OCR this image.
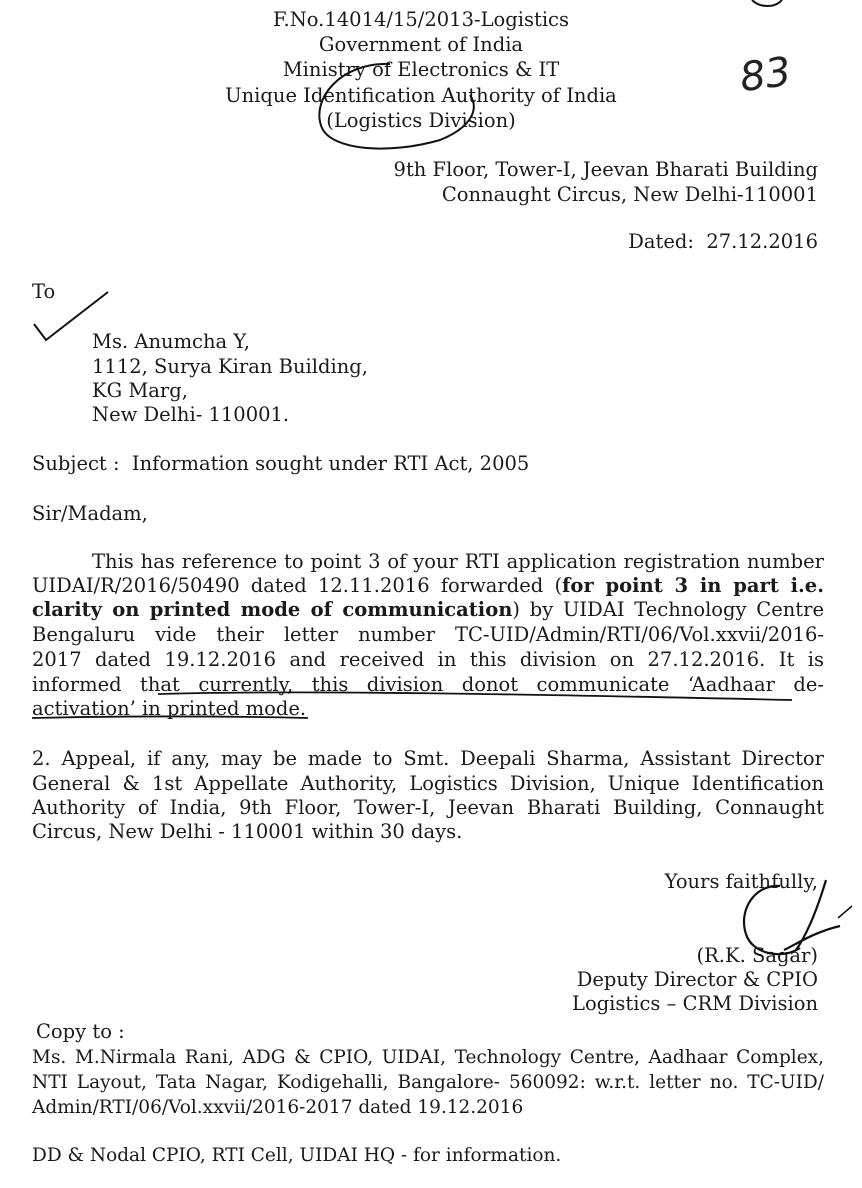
F.No.14014/15/2013-Logistics
Government of India
Ministry of Electronics & IT
Unique Identification Authority of India
(Logistics Division)
83
9th Floor, Tower-I, Jeevan Bharati Building
Connaught Circus, New Delhi-110001
Dated: 27.12.2016
To
Ms. Anumcha Y,
1112, Surya Kiran Building,
KG Marg,
New Delhi- 110001.
Subject : Information sought under RTI Act, 2005
Sir/Madam,
This has reference to point 3 of your RTI application registration number
UIDAI/R/2016/50490 dated 12.11.2016 forwarded (for point 3 in part i.e.
clarity on printed mode of communication) by UIDAI Technology Centre
Bengaluru vide their letter number TC-UID/Admin/RTI/06/Vol.xxvii/2016-
2017 dated 19.12.2016 and received in this division on 27.12.2016. It is
informed that currently, this division donot communicate ‘Aadhaar de-
activation’ in printed mode.
2. Appeal, if any, may be made to Smt. Deepali Sharma, Assistant Director
General & 1st Appellate Authority, Logistics Division, Unique Identification
Authority of India, 9th Floor, Tower-I, Jeevan Bharati Building, Connaught
Circus, New Delhi - 110001 within 30 days.
Yours faithfully,
(R.K. Sagar)
Deputy Director & CPIO
Logistics – CRM Division
Copy to :
Ms. M.Nirmala Rani, ADG & CPIO, UIDAI, Technology Centre, Aadhaar Complex,
NTI Layout, Tata Nagar, Kodigehalli, Bangalore- 560092: w.r.t. letter no. TC-UID/
Admin/RTI/06/Vol.xxvii/2016-2017 dated 19.12.2016
DD & Nodal CPIO, RTI Cell, UIDAI HQ - for information.
